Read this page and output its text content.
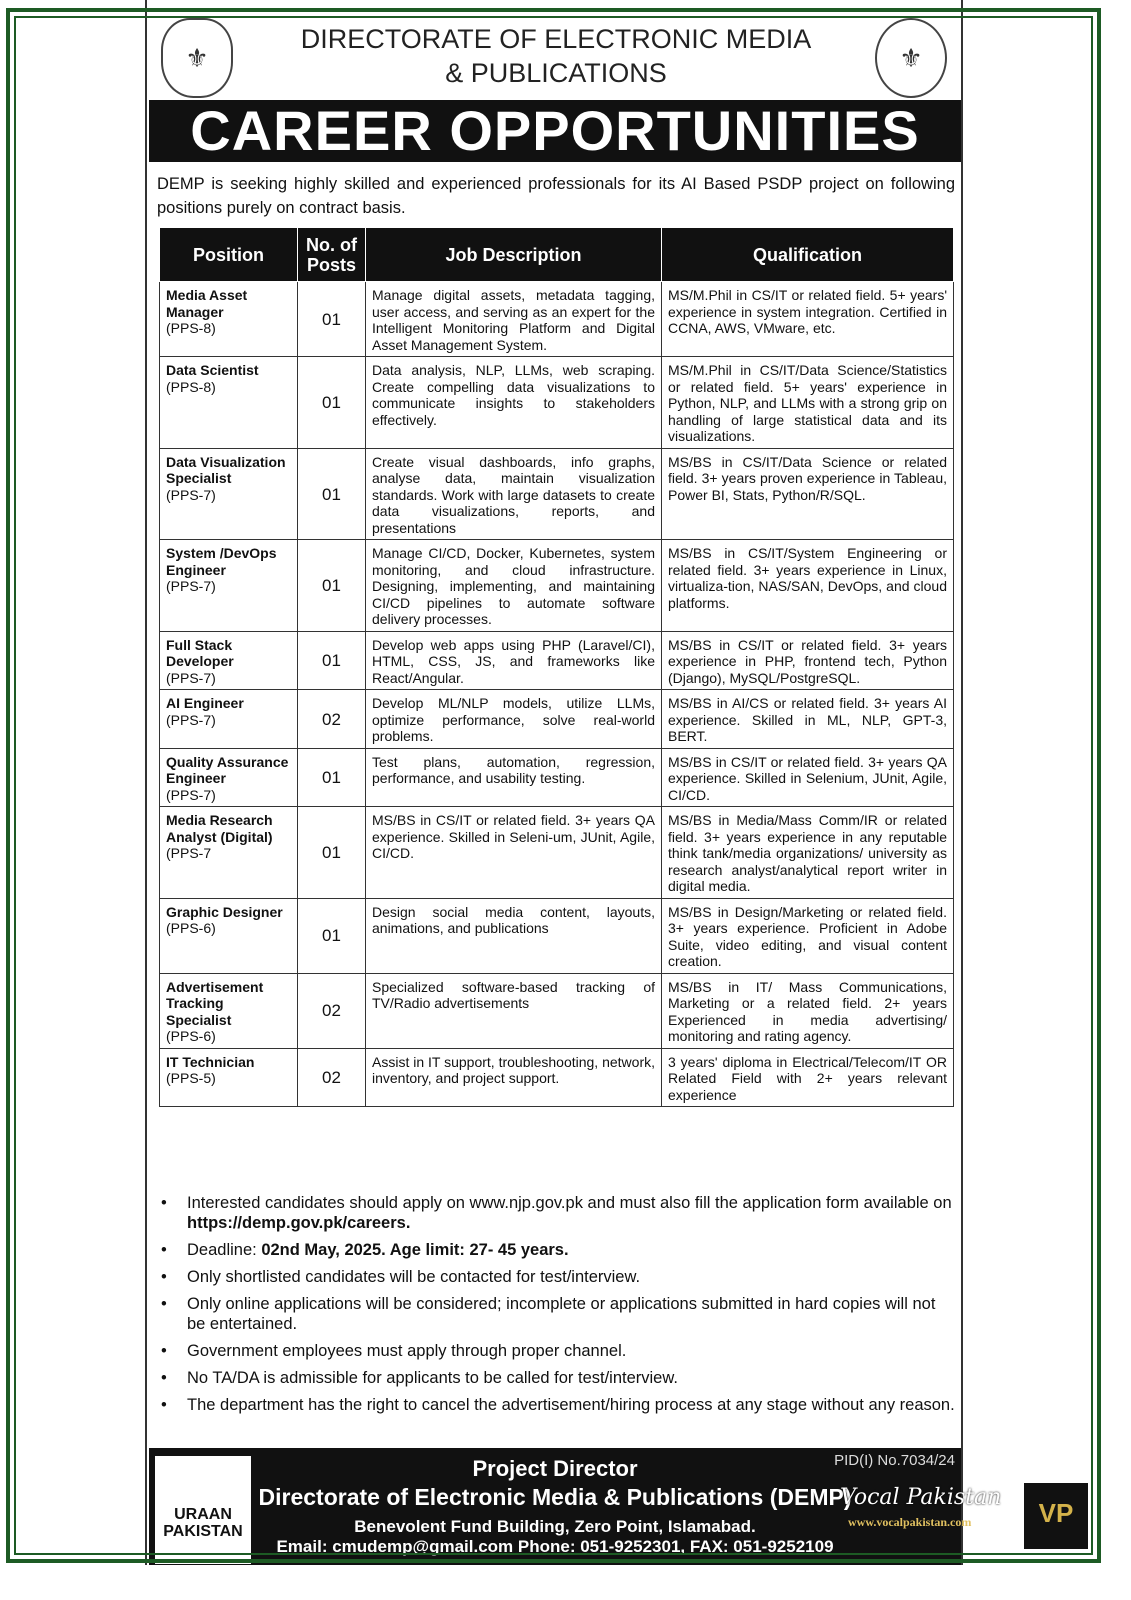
⚜	⚜
DIRECTORATE OF ELECTRONIC MEDIA
& PUBLICATIONS
CAREER OPPORTUNITIES
DEMP is seeking highly skilled and experienced professionals for its AI Based PSDP project on following positions purely on contract basis.
Position	No. of Posts	Job Description	Qualification

Media Asset Manager
(PPS-8)	01	Manage digital assets, metadata tagging, user access, and serving as an expert for the Intelligent Monitoring Platform and Digital Asset Management System.	MS/M.Phil in CS/IT or related field. 5+ years' experience in system integration. Certified in CCNA, AWS, VMware, etc.

Data Scientist
(PPS-8)	01	Data analysis, NLP, LLMs, web scraping. Create compelling data visualizations to communicate insights to stakeholders effectively.	MS/M.Phil in CS/IT/Data Science/Statistics or related field. 5+ years' experience in Python, NLP, and LLMs with a strong grip on handling of large statistical data and its visualizations.

Data Visualization Specialist
(PPS-7)	01	Create visual dashboards, info graphs, analyse data, maintain visualization standards. Work with large datasets to create data visualizations, reports, and presentations	MS/BS in CS/IT/Data Science or related field. 3+ years proven experience in Tableau, Power BI, Stats, Python/R/SQL.

System /DevOps Engineer
(PPS-7)	01	Manage CI/CD, Docker, Kubernetes, system monitoring, and cloud infrastructure. Designing, implementing, and maintaining CI/CD pipelines to automate software delivery processes.	MS/BS in CS/IT/System Engineering or related field. 3+ years experience in Linux, virtualiza-tion, NAS/SAN, DevOps, and cloud platforms.

Full Stack Developer
(PPS-7)	01	Develop web apps using PHP (Laravel/CI), HTML, CSS, JS, and frameworks like React/Angular.	MS/BS in CS/IT or related field. 3+ years experience in PHP, frontend tech, Python (Django), MySQL/PostgreSQL.

AI Engineer
(PPS-7)	02	Develop ML/NLP models, utilize LLMs, optimize performance, solve real-world problems.	MS/BS in AI/CS or related field. 3+ years AI experience. Skilled in ML, NLP, GPT-3, BERT.

Quality Assurance Engineer
(PPS-7)	01	Test plans, automation, regression, performance, and usability testing.	MS/BS in CS/IT or related field. 3+ years QA experience. Skilled in Selenium, JUnit, Agile, CI/CD.

Media Research Analyst (Digital)
(PPS-7	01	MS/BS in CS/IT or related field. 3+ years QA experience. Skilled in Seleni-um, JUnit, Agile, CI/CD.	MS/BS in Media/Mass Comm/IR or related field. 3+ years experience in any reputable think tank/media organizations/ university as research analyst/analytical report writer in digital media.

Graphic Designer
(PPS-6)	01	Design social media content, layouts, animations, and publications	MS/BS in Design/Marketing or related field. 3+ years experience. Proficient in Adobe Suite, video editing, and visual content creation.

Advertisement Tracking Specialist
(PPS-6)	02	Specialized software-based tracking of TV/Radio advertisements	MS/BS in IT/ Mass Communications, Marketing or a related field. 2+ years Experienced in media advertising/ monitoring and rating agency.

IT Technician
(PPS-5)	02	Assist in IT support, troubleshooting, network, inventory, and project support.	3 years' diploma in Electrical/Telecom/IT OR Related Field with 2+ years relevant experience
• Interested candidates should apply on www.njp.gov.pk and must also fill the application form available on https://demp.gov.pk/careers.
• Deadline: 02nd May, 2025. Age limit: 27- 45 years.
• Only shortlisted candidates will be contacted for test/interview.
• Only online applications will be considered; incomplete or applications submitted in hard copies will not be entertained.
• Government employees must apply through proper channel.
• No TA/DA is admissible for applicants to be called for test/interview.
• The department has the right to cancel the advertisement/hiring process at any stage without any reason.
URAAN PAKISTAN
PID(I) No.7034/24
Project Director
Directorate of Electronic Media & Publications (DEMP)
Benevolent Fund Building, Zero Point, Islamabad.
Email: cmudemp@gmail.com Phone: 051-9252301, FAX: 051-9252109
Vocal Pakistan
www.vocalpakistan.com	VP
